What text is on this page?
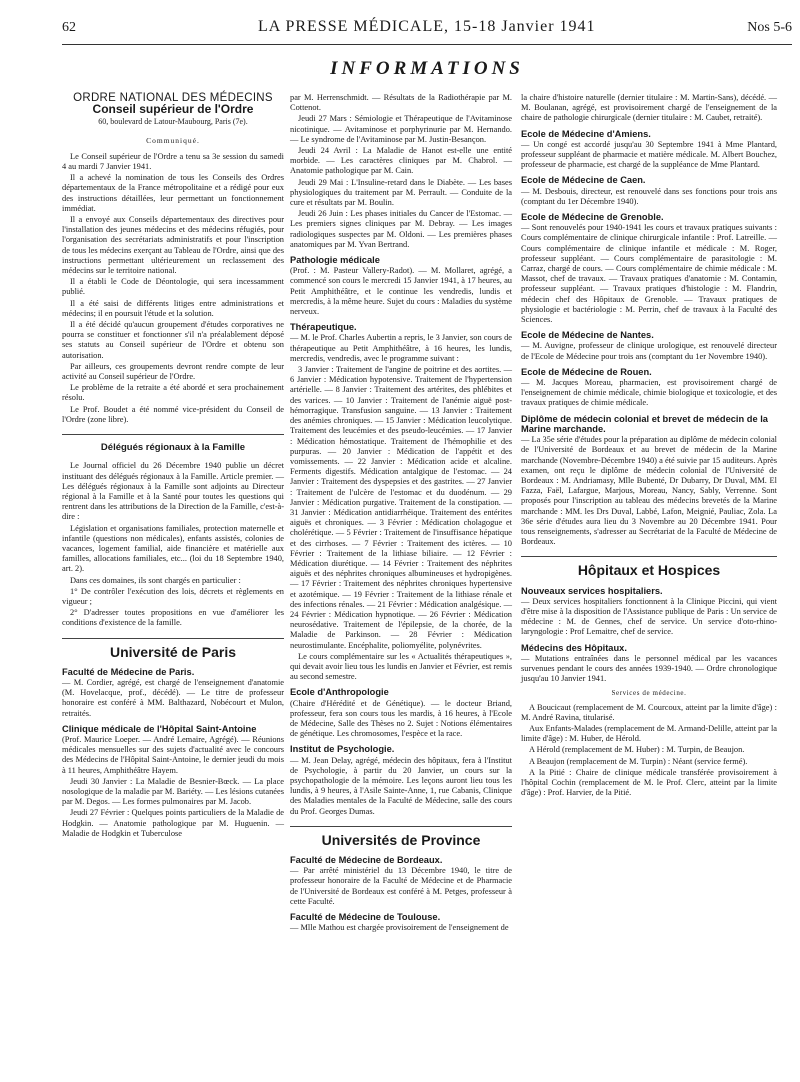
62	LA PRESSE MÉDICALE, 15-18 Janvier 1941	Nos 5-6
INFORMATIONS
ORDRE NATIONAL DES MÉDECINS
Conseil supérieur de l'Ordre
60, boulevard de Latour-Maubourg, Paris (7e).
Communiqué.

Le Conseil supérieur de l'Ordre a tenu sa 3e session du samedi 4 au mardi 7 Janvier 1941.

Il a achevé la nomination de tous les Conseils des Ordres départementaux de la France métropolitaine et a rédigé pour eux des instructions détaillées, leur permettant un fonctionnement immédiat.

Il a envoyé aux Conseils départementaux des directives pour l'installation des jeunes médecins et des médecins réfugiés, pour l'organisation des secrétariats administratifs et pour l'inscription de tous les médecins exerçant au Tableau de l'Ordre, ainsi que des instructions permettant ultérieurement un reclassement des médecins sur le territoire national.

Il a établi le Code de Déontologie, qui sera incessamment publié.

Il a été saisi de différents litiges entre administrations et médecins; il en poursuit l'étude et la solution.

Il a été décidé qu'aucun groupement d'études corporatives ne pourra se constituer et fonctionner s'il n'a préalablement déposé ses statuts au Conseil supérieur de l'Ordre et obtenu son autorisation.

Par ailleurs, ces groupements devront rendre compte de leur activité au Conseil supérieur de l'Ordre.

Le problème de la retraite a été abordé et sera prochainement résolu.

Le Prof. Boudet a été nommé vice-président du Conseil de l'Ordre (zone libre).

Délégués régionaux à la Famille

Le Journal officiel du 26 Décembre 1940 publie un décret instituant des délégués régionaux à la Famille. Article premier. — Les délégués régionaux à la Famille sont adjoints au Directeur régional à la Famille et à la Santé pour toutes les questions qui rentrent dans les attributions de la Direction de la Famille, c'est-à-dire :

Législation et organisations familiales, protection maternelle et infantile (questions non médicales), enfants assistés, colonies de vacances, logement familial, aide financière et matérielle aux familles, allocations familiales, etc... (loi du 18 Septembre 1940, art. 2).

Dans ces domaines, ils sont chargés en particulier :

1° De contrôler l'exécution des lois, décrets et règlements en vigueur ;

2° D'adresser toutes propositions en vue d'améliorer les conditions d'existence de la famille.

Université de Paris
Faculté de Médecine de Paris.

— M. Cordier, agrégé, est chargé de l'enseignement d'anatomie (M. Hovelacque, prof., décédé). — Le titre de professeur honoraire est conféré à MM. Balthazard, Nobécourt et Mulon, retraités.

Clinique médicale de l'Hôpital Saint-Antoine

(Prof. Maurice Loeper. — André Lemaire, Agrégé). — Réunions médicales mensuelles sur des sujets d'actualité avec le concours des Médecins de l'Hôpital Saint-Antoine, le dernier jeudi du mois à 11 heures, Amphithéâtre Hayem.

Jeudi 30 Janvier : La Maladie de Besnier-Bœck. — La place nosologique de la maladie par M. Bariéty. — Les lésions cutanées par M. Degos. — Les formes pulmonaires par M. Jacob.

Jeudi 27 Février : Quelques points particuliers de la Maladie de Hodgkin. — Anatomie pathologique par M. Huguenin. — Maladie de Hodgkin et Tuberculose

par M. Herrenschmidt. — Résultats de la Radiothérapie par M. Cottenot.

Jeudi 27 Mars : Sémiologie et Thérapeutique de l'Avitaminose nicotinique. — Avitaminose et porphyrinurie par M. Hernando. — Le syndrome de l'Avitaminose par M. Justin-Besançon.

Jeudi 24 Avril : La Maladie de Hanot est-elle une entité morbide. — Les caractères cliniques par M. Chabrol. — Anatomie pathologique par M. Cain.

Jeudi 29 Mai : L'Insuline-retard dans le Diabète. — Les bases physiologiques du traitement par M. Perrault. — Conduite de la cure et résultats par M. Boulin.

Jeudi 26 Juin : Les phases initiales du Cancer de l'Estomac. — Les premiers signes cliniques par M. Debray. — Les images radiologiques suspectes par M. Oldoni. — Les premières phases anatomiques par M. Yvan Bertrand.

Pathologie médicale

(Prof. : M. Pasteur Vallery-Radot). — M. Mollaret, agrégé, a commencé son cours le mercredi 15 Janvier 1941, à 17 heures, au Petit Amphithéâtre, et le continue les vendredis, lundis et mercredis, à la même heure. Sujet du cours : Maladies du système nerveux.

Thérapeutique.

— M. le Prof. Charles Aubertin a repris, le 3 Janvier, son cours de thérapeutique au Petit Amphithéâtre, à 16 heures, les lundis, mercredis, vendredis, avec le programme suivant :

3 Janvier : Traitement de l'angine de poitrine et des aortites. — 6 Janvier : Médication hypotensive. Traitement de l'hypertension artérielle. — 8 Janvier : Traitement des artérites, des phlébites et des varices. — 10 Janvier : Traitement de l'anémie aiguë post-hémorragique. Transfusion sanguine. — 13 Janvier : Traitement des anémies chroniques. — 15 Janvier : Médication leucolytique. Traitement des leucémies et des pseudo-leucémies. — 17 Janvier : Médication hémostatique. Traitement de l'hémophilie et des purpuras. — 20 Janvier : Médication de l'appétit et des vomissements. — 22 Janvier : Médication acide et alcaline. Ferments digestifs. Médication antalgique de l'estomac. — 24 Janvier : Traitement des dyspepsies et des gastrites. — 27 Janvier : Traitement de l'ulcère de l'estomac et du duodénum. — 29 Janvier : Médication purgative. Traitement de la constipation. — 31 Janvier : Médication antidiarrhéique. Traitement des entérites aiguës et chroniques. — 3 Février : Médication cholagogue et cholérétique. — 5 Février : Traitement de l'insuffisance hépatique et des cirrhoses. — 7 Février : Traitement des ictères. — 10 Février : Traitement de la lithiase biliaire. — 12 Février : Médication diurétique. — 14 Février : Traitement des néphrites aiguës et des néphrites chroniques albumineuses et hydropigènes. — 17 Février : Traitement des néphrites chroniques hypertensive et azotémique. — 19 Février : Traitement de la lithiase rénale et des infections rénales. — 21 Février : Médication analgésique. — 24 Février : Médication hypnotique. — 26 Février : Médication neurosédative. Traitement de l'épilepsie, de la chorée, de la Maladie de Parkinson. — 28 Février : Médication neurostimulante. Encéphalite, poliomyélite, polynévrites.

Le cours complémentaire sur les « Actualités thérapeutiques », qui devait avoir lieu tous les lundis en Janvier et Février, est remis au second semestre.

Ecole d'Anthropologie

(Chaire d'Hérédité et de Génétique). — le docteur Briand, professeur, fera son cours tous les mardis, à 16 heures, à l'Ecole de Médecine, Salle des Thèses no 2. Sujet : Notions élémentaires de génétique. Les chromosomes, l'espèce et la race.

Institut de Psychologie.

— M. Jean Delay, agrégé, médecin des hôpitaux, fera à l'Institut de Psychologie, à partir du 20 Janvier, un cours sur la psychopathologie de la mémoire. Les leçons auront lieu tous les lundis, à 9 heures, à l'Asile Sainte-Anne, 1, rue Cabanis, Clinique des Maladies mentales de la Faculté de Médecine, salle des cours du Prof. Georges Dumas.

Universités de Province
Faculté de Médecine de Bordeaux.

— Par arrêté ministériel du 13 Décembre 1940, le titre de professeur honoraire de la Faculté de Médecine et de Pharmacie de l'Université de Bordeaux est conféré à M. Petges, professeur à cette Faculté.

Faculté de Médecine de Toulouse.

— Mlle Mathou est chargée provisoirement de l'enseignement de

la chaire d'histoire naturelle (dernier titulaire : M. Martin-Sans), décédé. — M. Boulanan, agrégé, est provisoirement chargé de l'enseignement de la chaire de pathologie chirurgicale (dernier titulaire : M. Caubet, retraité).

Ecole de Médecine d'Amiens.

— Un congé est accordé jusqu'au 30 Septembre 1941 à Mme Plantard, professeur suppléant de pharmacie et matière médicale. M. Albert Bouchez, professeur de pharmacie, est chargé de la suppléance de Mme Plantard.

Ecole de Médecine de Caen.

— M. Desbouis, directeur, est renouvelé dans ses fonctions pour trois ans (comptant du 1er Décembre 1940).

Ecole de Médecine de Grenoble.

— Sont renouvelés pour 1940-1941 les cours et travaux pratiques suivants : Cours complémentaire de clinique chirurgicale infantile : Prof. Latreille. — Cours complémentaire de clinique infantile et médicale : M. Roger, professeur suppléant. — Cours complémentaire de parasitologie : M. Carraz, chargé de cours. — Cours complémentaire de chimie médicale : M. Massot, chef de travaux. — Travaux pratiques d'anatomie : M. Contamin, professeur suppléant. — Travaux pratiques d'histologie : M. Flandrin, médecin chef des Hôpitaux de Grenoble. — Travaux pratiques de physiologie et bactériologie : M. Perrin, chef de travaux à la Faculté des Sciences.

Ecole de Médecine de Nantes.

— M. Auvigne, professeur de clinique urologique, est renouvelé directeur de l'Ecole de Médecine pour trois ans (comptant du 1er Novembre 1940).

Ecole de Médecine de Rouen.

— M. Jacques Moreau, pharmacien, est provisoirement chargé de l'enseignement de chimie médicale, chimie biologique et toxicologie, et des travaux pratiques de chimie médicale.

Diplôme de médecin colonial et brevet de médecin de la Marine marchande.

— La 35e série d'études pour la préparation au diplôme de médecin colonial de l'Université de Bordeaux et au brevet de médecin de la Marine marchande (Novembre-Décembre 1940) a été suivie par 15 auditeurs. Après examen, ont reçu le diplôme de médecin colonial de l'Université de Bordeaux : M. Andriamasy, Mlle Bubenté, Dr Dubarry, Dr Duval, MM. El Fazza, Faël, Lafargue, Marjous, Moreau, Nancy, Sably, Verrenne. Sont proposés pour l'inscription au tableau des médecins brevetés de la Marine marchande : MM. les Drs Duval, Labbé, Lafon, Meignié, Pauliac, Zola. La 36e série d'études aura lieu du 3 Novembre au 20 Décembre 1941. Pour tous renseignements, s'adresser au Secrétariat de la Faculté de Médecine de Bordeaux.

Hôpitaux et Hospices
Nouveaux services hospitaliers.

— Deux services hospitaliers fonctionnent à la Clinique Piccini, qui vient d'être mise à la disposition de l'Assistance publique de Paris : Un service de médecine : M. de Gennes, chef de service. Un service d'oto-rhino-laryngologie : Prof Lemaitre, chef de service.

Médecins des Hôpitaux.

— Mutations entraînées dans le personnel médical par les vacances survenues pendant le cours des années 1939-1940. — Ordre chronologique jusqu'au 10 Janvier 1941.

Services de médecine.

A Boucicaut (remplacement de M. Courcoux, atteint par la limite d'âge) : M. André Ravina, titularisé.

Aux Enfants-Malades (remplacement de M. Armand-Delille, atteint par la limite d'âge) : M. Huber, de Hérold.

A Hérold (remplacement de M. Huber) : M. Turpin, de Beaujon.

A Beaujon (remplacement de M. Turpin) : Néant (service fermé).

A la Pitié : Chaire de clinique médicale transférée provisoirement à l'hôpital Cochin (remplacement de M. le Prof. Clerc, atteint par la limite d'âge) : Prof. Harvier, de la Pitié.
